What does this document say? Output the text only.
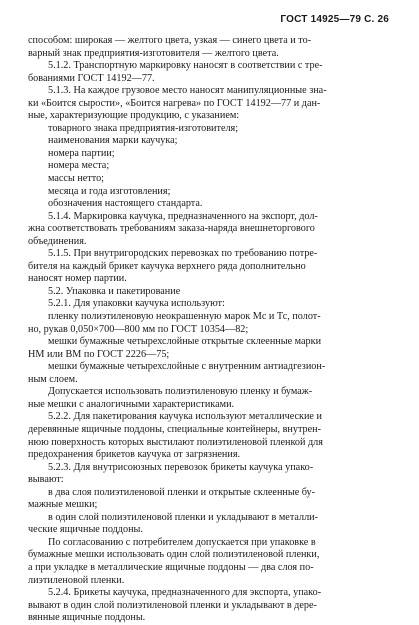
ГОСТ 14925—79 С. 26
способом: широкая — желтого цвета, узкая — синего цвета и то-
варный знак предприятия-изготовителя — желтого цвета.
5.1.2. Транспортную маркировку наносят в соответствии с тре-
бованиями ГОСТ 14192—77.
5.1.3. На каждое грузовое место наносят манипуляционные зна-
ки «Боится сырости», «Боится нагрева» по ГОСТ 14192—77 и дан-
ные, характеризующие продукцию, с указанием:
товарного знака предприятия-изготовителя;
наименования марки каучука;
номера партии;
номера места;
массы нетто;
месяца и года изготовления;
обозначения настоящего стандарта.
5.1.4. Маркировка каучука, предназначенного на экспорт, дол-
жна соответствовать требованиям заказа-наряда внешнеторгового
объединения.
5.1.5. При внутригородских перевозках по требованию потре-
бителя на каждый брикет каучука верхнего ряда дополнительно
наносят номер партии.
5.2. Упаковка и пакетирование
5.2.1. Для упаковки каучука используют:
пленку полиэтиленовую неокрашенную марок Мс и Тс, полот-
но, рукав 0,050×700—800 мм по ГОСТ 10354—82;
мешки бумажные четырехслойные открытые склеенные марки
НМ или ВМ по ГОСТ 2226—75;
мешки бумажные четырехслойные с внутренним антиадгезион-
ным слоем.
Допускается использовать полиэтиленовую пленку и бумаж-
ные мешки с аналогичными характеристиками.
5.2.2. Для пакетирования каучука используют металлические и
деревянные ящичные поддоны, специальные контейнеры, внутрен-
нюю поверхность которых выстилают полиэтиленовой пленкой для
предохранения брикетов каучука от загрязнения.
5.2.3. Для внутрисоюзных перевозок брикеты каучука упако-
вывают:
в два слоя полиэтиленовой пленки и открытые склеенные бу-
мажные мешки;
в один слой полиэтиленовой пленки и укладывают в металли-
ческие ящичные поддоны.
По согласованию с потребителем допускается при упаковке в
бумажные мешки использовать один слой полиэтиленовой пленки,
а при укладке в металлические ящичные поддоны — два слоя по-
лиэтиленовой пленки.
5.2.4. Брикеты каучука, предназначенного для экспорта, упако-
вывают в один слой полиэтиленовой пленки и укладывают в дере-
вянные ящичные поддоны.
